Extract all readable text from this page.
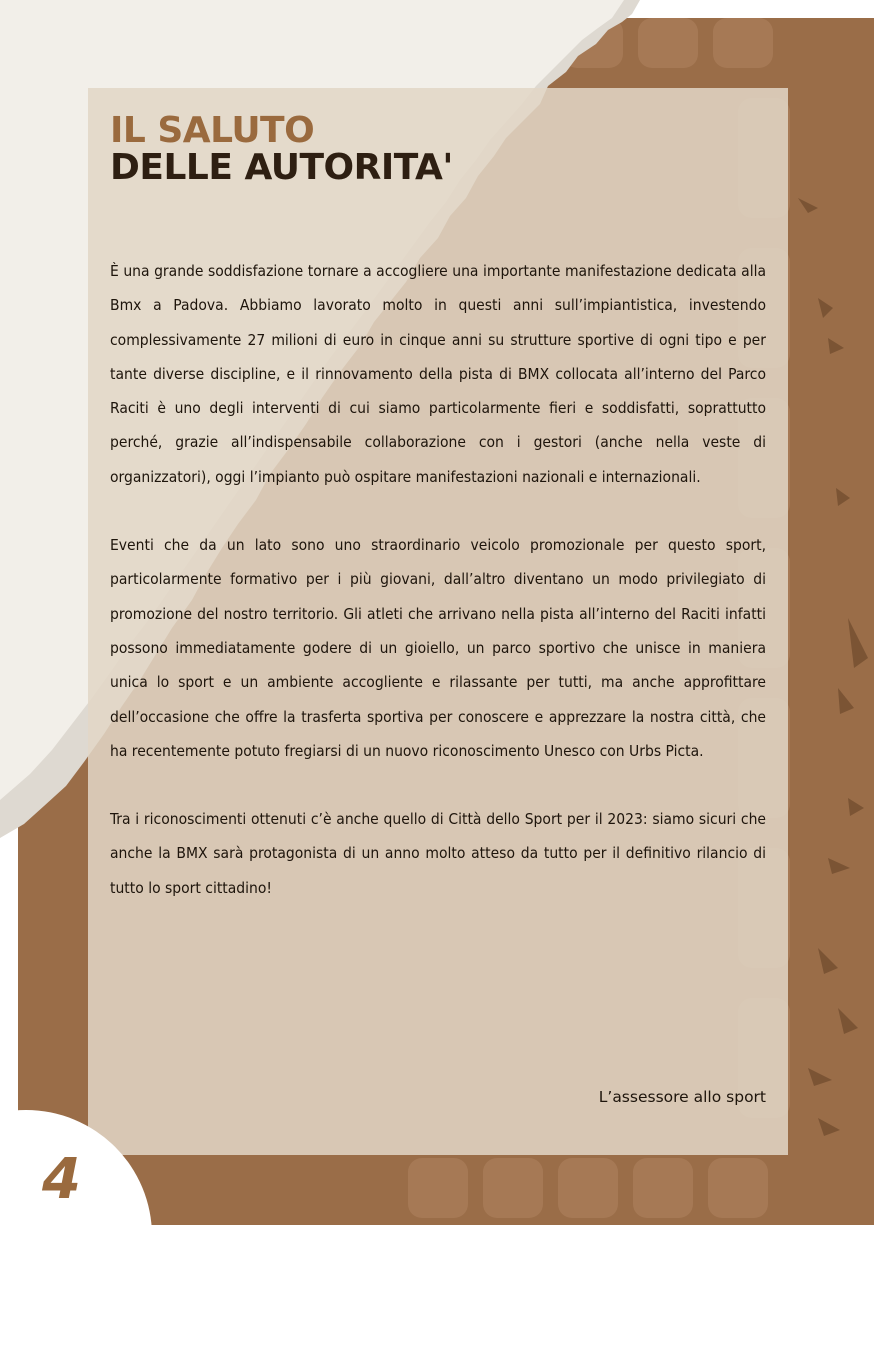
IL SALUTO
DELLE AUTORITA'

È una grande soddisfazione tornare a accogliere una importante manifestazione dedicata alla Bmx a Padova. Abbiamo lavorato molto in questi anni sull’impiantistica, investendo complessivamente 27 milioni di euro in cinque anni su strutture sportive di ogni tipo e per tante diverse discipline, e il rinnovamento della pista di BMX collocata all’interno del Parco Raciti è uno degli interventi di cui siamo particolarmente fieri e soddisfatti, soprattutto perché, grazie all’indispensabile collaborazione con i gestori (anche nella veste di organizzatori), oggi l’impianto può ospitare manifestazioni nazionali e internazionali.

Eventi che da un lato sono uno straordinario veicolo promozionale per questo sport, particolarmente formativo per i più giovani, dall’altro diventano un modo privilegiato di promozione del nostro territorio. Gli atleti che arrivano nella pista all’interno del Raciti infatti possono immediatamente godere di un gioiello, un parco sportivo che unisce in maniera unica lo sport e un ambiente accogliente e rilassante per tutti, ma anche approfittare dell’occasione che offre la trasferta sportiva per conoscere e apprezzare la nostra città, che ha recentemente potuto fregiarsi di un nuovo riconoscimento Unesco con Urbs Picta.

Tra i riconoscimenti ottenuti c’è anche quello di Città dello Sport per il 2023: siamo sicuri che anche la BMX sarà protagonista di un anno molto atteso da tutto per il definitivo rilancio di tutto lo sport cittadino!

L’assessore allo sport
4
